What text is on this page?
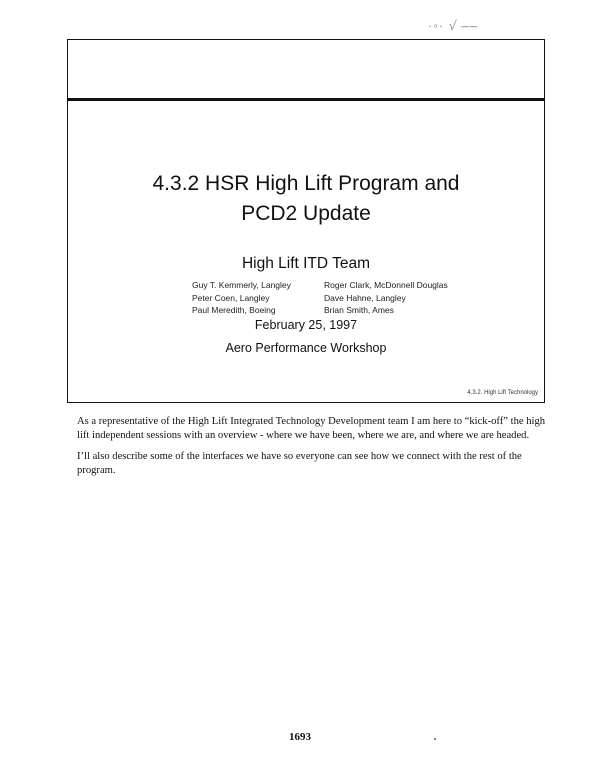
·◦· √ ––
4.3.2 HSR High Lift Program and
PCD2 Update
High Lift ITD Team
Guy T. Kemmerly, Langley	Roger Clark, McDonnell Douglas
Peter Coen, Langley	Dave Hahne, Langley
Paul Meredith, Boeing	Brian Smith, Ames
February 25, 1997
Aero Performance Workshop
4.3.2. High Lift Technology

As a representative of the High Lift Integrated Technology Development team I am here to “kick-off” the high lift independent sessions with an overview - where we have been, where we are, and where we are headed.

I’ll also describe some of the interfaces we have so everyone can see how we connect with the rest of the program.

1693
